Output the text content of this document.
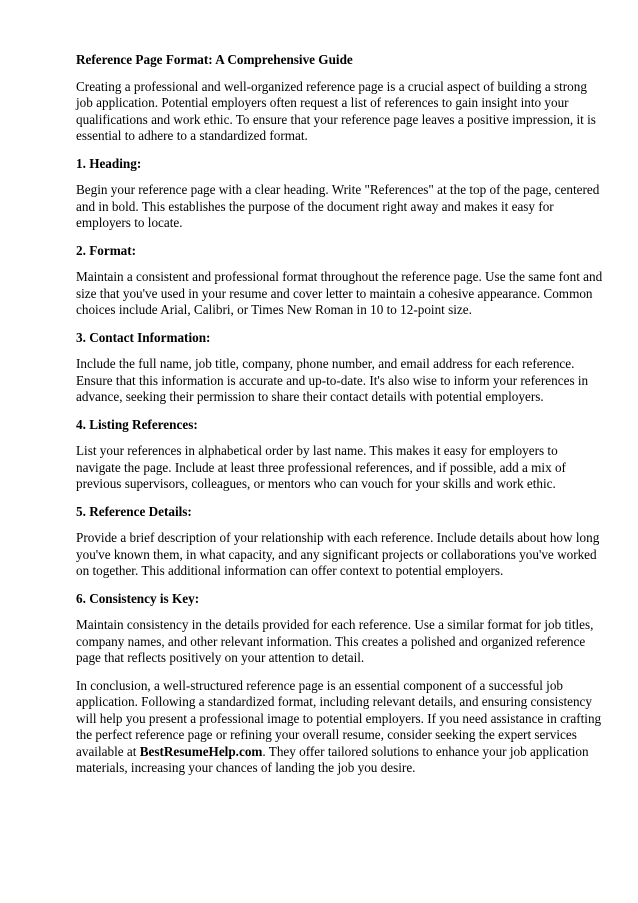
Reference Page Format: A Comprehensive Guide
Creating a professional and well-organized reference page is a crucial aspect of building a strong job application. Potential employers often request a list of references to gain insight into your qualifications and work ethic. To ensure that your reference page leaves a positive impression, it is essential to adhere to a standardized format.
1. Heading:
Begin your reference page with a clear heading. Write "References" at the top of the page, centered and in bold. This establishes the purpose of the document right away and makes it easy for employers to locate.
2. Format:
Maintain a consistent and professional format throughout the reference page. Use the same font and size that you've used in your resume and cover letter to maintain a cohesive appearance. Common choices include Arial, Calibri, or Times New Roman in 10 to 12-point size.
3. Contact Information:
Include the full name, job title, company, phone number, and email address for each reference. Ensure that this information is accurate and up-to-date. It's also wise to inform your references in advance, seeking their permission to share their contact details with potential employers.
4. Listing References:
List your references in alphabetical order by last name. This makes it easy for employers to navigate the page. Include at least three professional references, and if possible, add a mix of previous supervisors, colleagues, or mentors who can vouch for your skills and work ethic.
5. Reference Details:
Provide a brief description of your relationship with each reference. Include details about how long you've known them, in what capacity, and any significant projects or collaborations you've worked on together. This additional information can offer context to potential employers.
6. Consistency is Key:
Maintain consistency in the details provided for each reference. Use a similar format for job titles, company names, and other relevant information. This creates a polished and organized reference page that reflects positively on your attention to detail.
In conclusion, a well-structured reference page is an essential component of a successful job application. Following a standardized format, including relevant details, and ensuring consistency will help you present a professional image to potential employers. If you need assistance in crafting the perfect reference page or refining your overall resume, consider seeking the expert services available at BestResumeHelp.com. They offer tailored solutions to enhance your job application materials, increasing your chances of landing the job you desire.
